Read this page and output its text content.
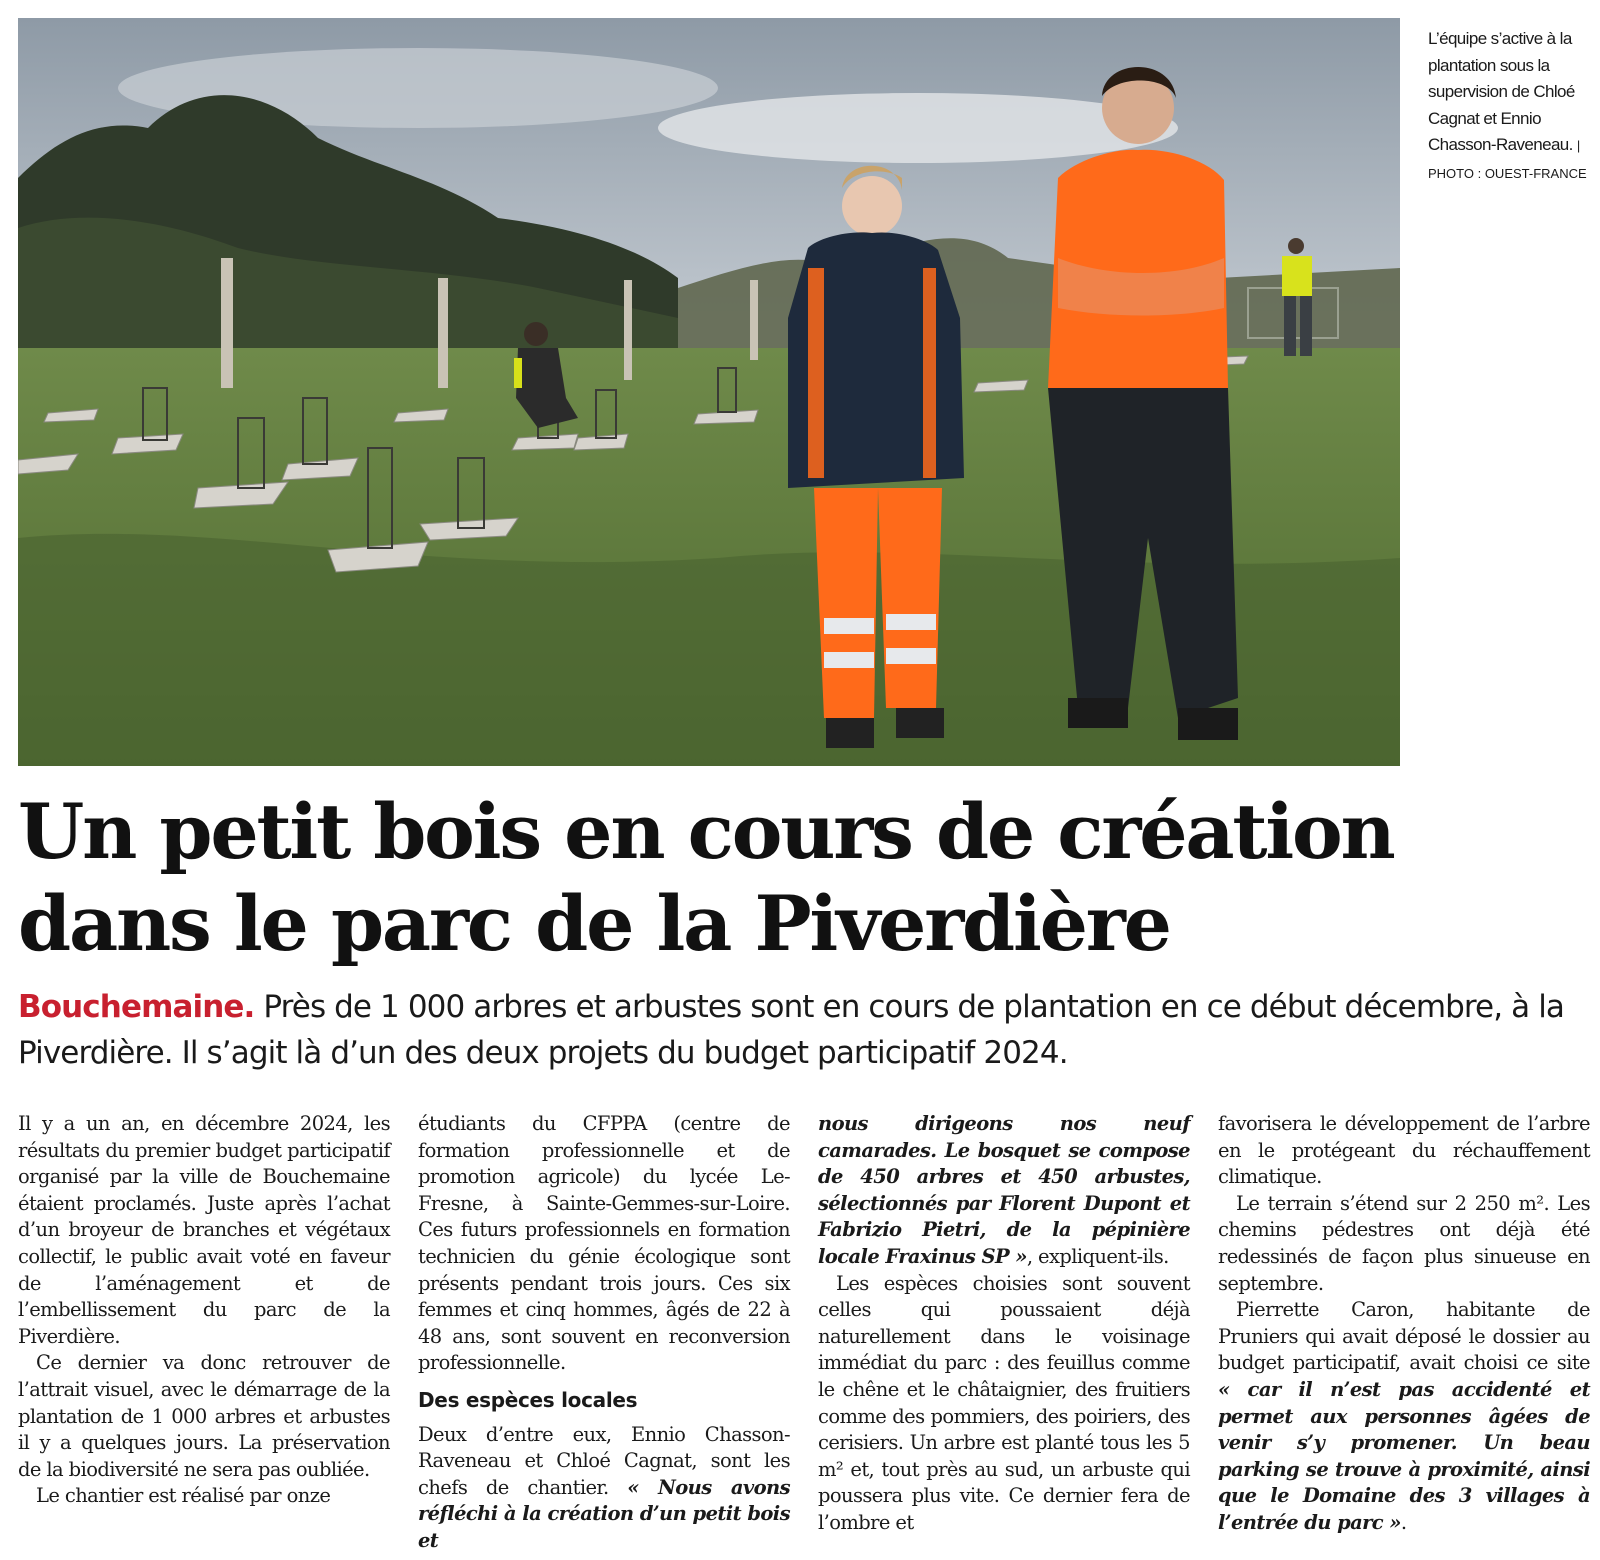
L’équipe s’active à la plantation sous la supervision de Chloé Cagnat et Ennio Chasson-Raveneau. | PHOTO : OUEST-FRANCE
Un petit bois en cours de création
dans le parc de la Piverdière

Bouchemaine. Près de 1 000 arbres et arbustes sont en cours de plantation en ce début décembre, à la Piverdière. Il s’agit là d’un des deux projets du budget participatif 2024.

Il y a un an, en décembre 2024, les résultats du premier budget participatif organisé par la ville de Bouchemaine étaient proclamés. Juste après l’achat d’un broyeur de branches et végétaux collectif, le public avait voté en faveur de l’aménagement et de l’embellissement du parc de la Piverdière.

Ce dernier va donc retrouver de l’attrait visuel, avec le démarrage de la plantation de 1 000 arbres et arbustes il y a quelques jours. La préservation de la biodiversité ne sera pas oubliée.

Le chantier est réalisé par onze

étudiants du CFPPA (centre de formation professionnelle et de promotion agricole) du lycée Le-Fresne, à Sainte-Gemmes-sur-Loire. Ces futurs professionnels en formation technicien du génie écologique sont présents pendant trois jours. Ces six femmes et cinq hommes, âgés de 22 à 48 ans, sont souvent en reconversion professionnelle.

Des espèces locales

Deux d’entre eux, Ennio Chasson-Raveneau et Chloé Cagnat, sont les chefs de chantier. « Nous avons réfléchi à la création d’un petit bois et

nous dirigeons nos neuf camarades. Le bosquet se compose de 450 arbres et 450 arbustes, sélectionnés par Florent Dupont et Fabrizio Pietri, de la pépinière locale Fraxinus SP », expliquent-ils.

Les espèces choisies sont souvent celles qui poussaient déjà naturellement dans le voisinage immédiat du parc : des feuillus comme le chêne et le châtaignier, des fruitiers comme des pommiers, des poiriers, des cerisiers. Un arbre est planté tous les 5 m² et, tout près au sud, un arbuste qui poussera plus vite. Ce dernier fera de l’ombre et

favorisera le développement de l’arbre en le protégeant du réchauffement climatique.

Le terrain s’étend sur 2 250 m². Les chemins pédestres ont déjà été redessinés de façon plus sinueuse en septembre.

Pierrette Caron, habitante de Pruniers qui avait déposé le dossier au budget participatif, avait choisi ce site « car il n’est pas accidenté et permet aux personnes âgées de venir s’y promener. Un beau parking se trouve à proximité, ainsi que le Domaine des 3 villages à l’entrée du parc ».
